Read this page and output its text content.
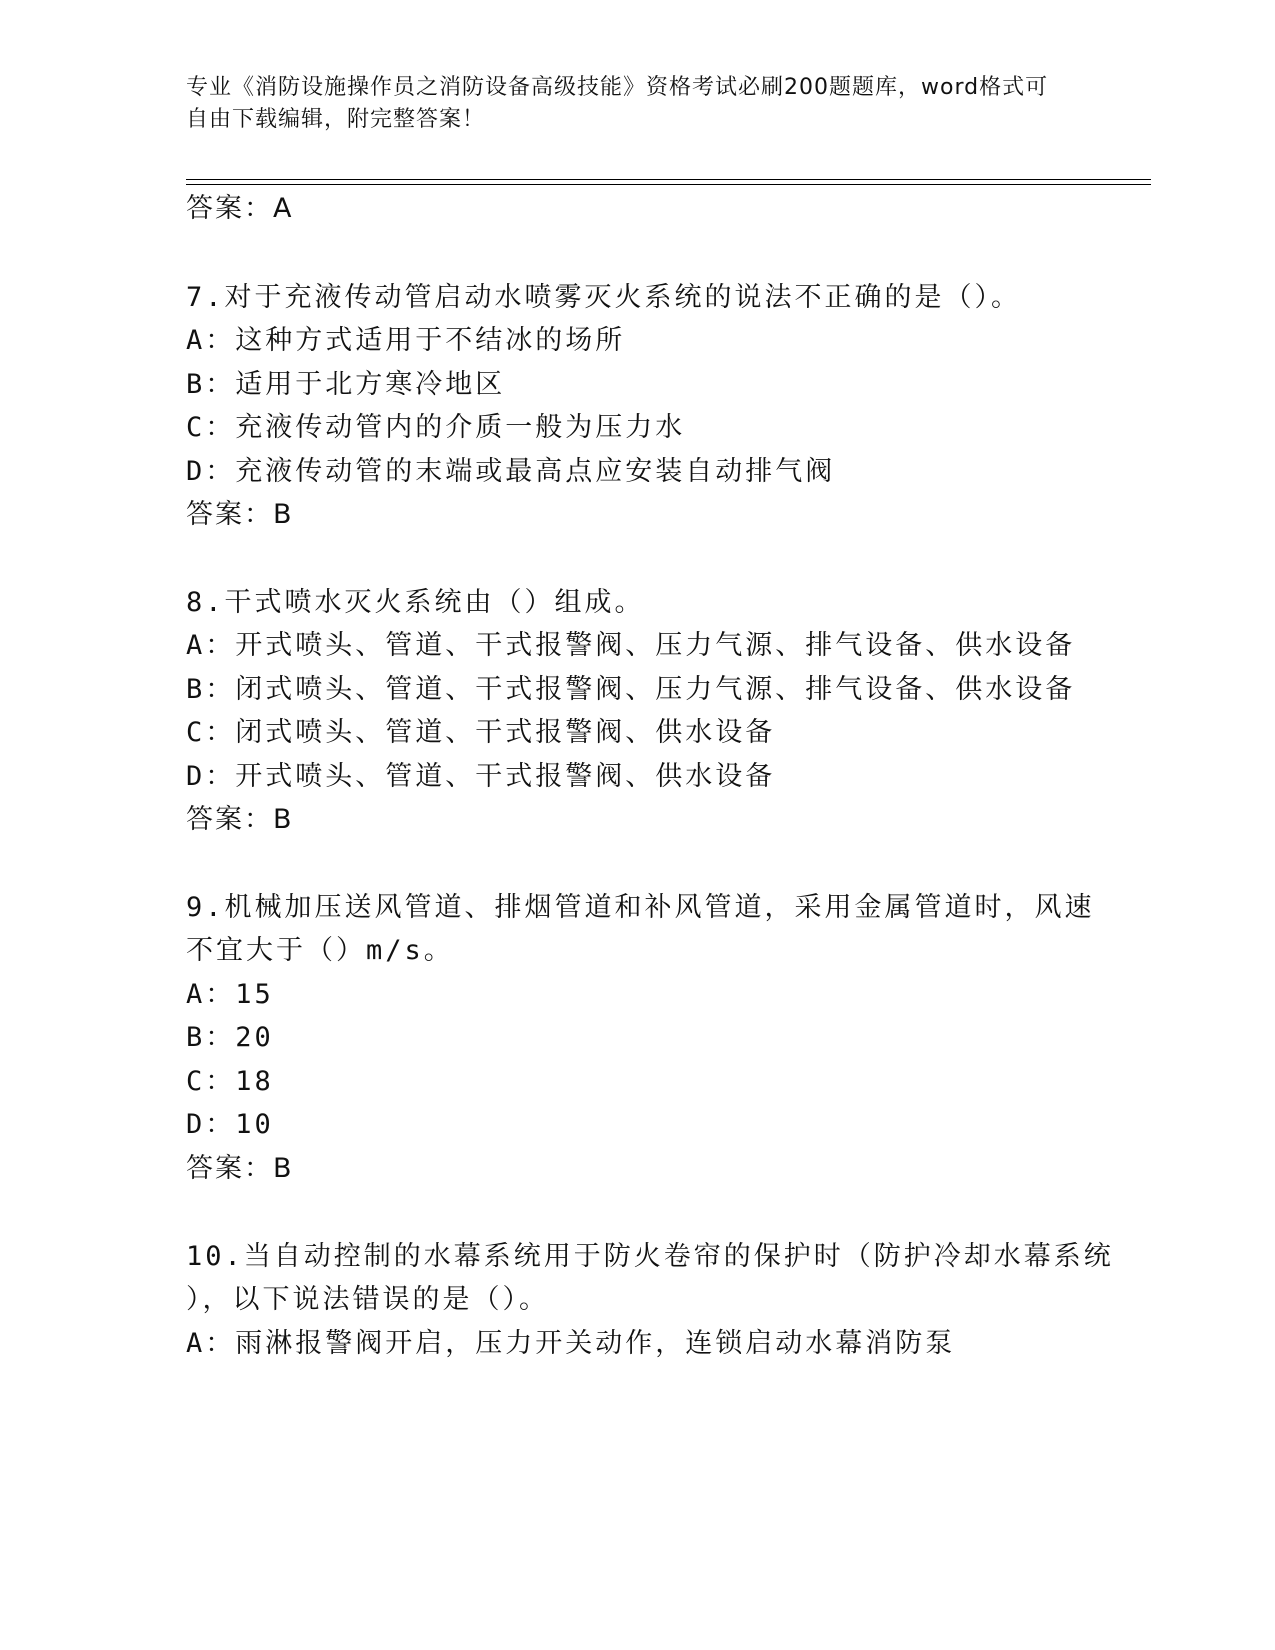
专业《消防设施操作员之消防设备高级技能》资格考试必刷200题题库，word格式可自由下载编辑，附完整答案！
答案：A
7.对于充液传动管启动水喷雾灭火系统的说法不正确的是（）。
A：这种方式适用于不结冰的场所
B：适用于北方寒冷地区
C：充液传动管内的介质一般为压力水
D：充液传动管的末端或最高点应安装自动排气阀
答案：B
8.干式喷水灭火系统由（）组成。
A：开式喷头、管道、干式报警阀、压力气源、排气设备、供水设备
B：闭式喷头、管道、干式报警阀、压力气源、排气设备、供水设备
C：闭式喷头、管道、干式报警阀、供水设备
D：开式喷头、管道、干式报警阀、供水设备
答案：B
9.机械加压送风管道、排烟管道和补风管道，采用金属管道时，风速
不宜大于（）m/s。
A：15
B：20
C：18
D：10
答案：B
10.当自动控制的水幕系统用于防火卷帘的保护时（防护冷却水幕系统
），以下说法错误的是（）。
A：雨淋报警阀开启，压力开关动作，连锁启动水幕消防泵
